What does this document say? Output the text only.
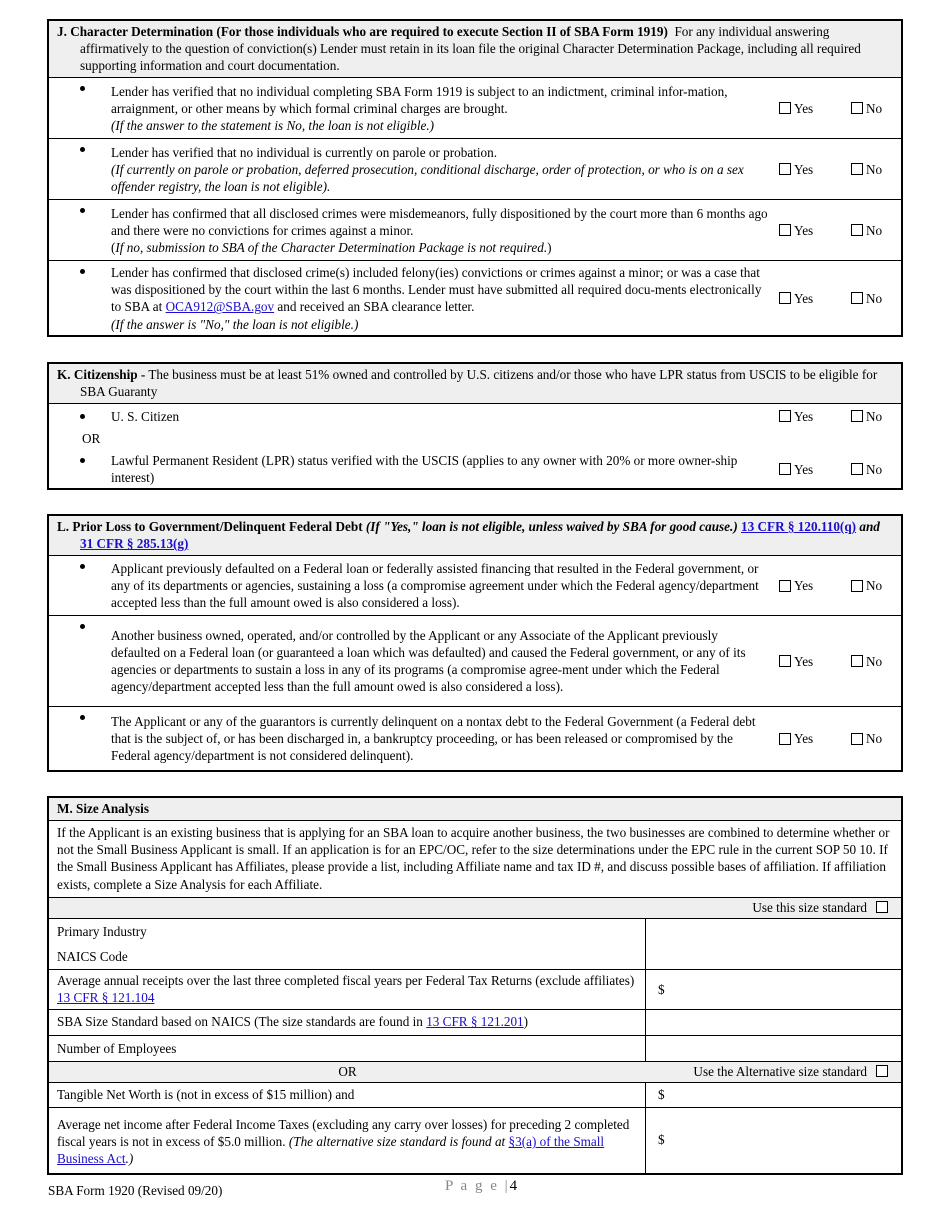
J. Character Determination (For those individuals who are required to execute Section II of SBA Form 1919) For any individual answering affirmatively to the question of conviction(s) Lender must retain in its loan file the original Character Determination Package, including all required supporting information and court documentation.
Lender has verified that no individual completing SBA Form 1919 is subject to an indictment, criminal infor-mation, arraignment, or other means by which formal criminal charges are brought.
(If the answer to the statement is No, the loan is not eligible.)
Yes	No
Lender has verified that no individual is currently on parole or probation.
(If currently on parole or probation, deferred prosecution, conditional discharge, order of protection, or who is on a sex offender registry, the loan is not eligible).
Yes	No
Lender has confirmed that all disclosed crimes were misdemeanors, fully dispositioned by the court more than 6 months ago and there were no convictions for crimes against a minor.
(If no, submission to SBA of the Character Determination Package is not required.)
Yes	No
Lender has confirmed that disclosed crime(s) included felony(ies) convictions or crimes against a minor; or was a case that was dispositioned by the court within the last 6 months. Lender must have submitted all required docu-ments electronically to SBA at OCA912@SBA.gov and received an SBA clearance letter.
(If the answer is "No," the loan is not eligible.)
Yes	No
K. Citizenship - The business must be at least 51% owned and controlled by U.S. citizens and/or those who have LPR status from USCIS to be eligible for SBA Guaranty
U. S. Citizen	Yes	No
OR
Lawful Permanent Resident (LPR) status verified with the USCIS (applies to any owner with 20% or more owner-ship interest)
Yes	No
L. Prior Loss to Government/Delinquent Federal Debt (If "Yes," loan is not eligible, unless waived by SBA for good cause.) 13 CFR § 120.110(q) and 31 CFR § 285.13(g)
Applicant previously defaulted on a Federal loan or federally assisted financing that resulted in the Federal government, or any of its departments or agencies, sustaining a loss (a compromise agreement under which the Federal agency/department accepted less than the full amount owed is also considered a loss).
Yes	No
Another business owned, operated, and/or controlled by the Applicant or any Associate of the Applicant previously defaulted on a Federal loan (or guaranteed a loan which was defaulted) and caused the Federal government, or any of its agencies or departments to sustain a loss in any of its programs (a compromise agree-ment under which the Federal agency/department accepted less than the full amount owed is also considered a loss).
Yes	No
The Applicant or any of the guarantors is currently delinquent on a nontax debt to the Federal Government (a Federal debt that is the subject of, or has been discharged in, a bankruptcy proceeding, or has been released or compromised by the Federal agency/department is not considered delinquent).
Yes	No
M. Size Analysis
If the Applicant is an existing business that is applying for an SBA loan to acquire another business, the two businesses are combined to determine whether or not the Small Business Applicant is small. If an application is for an EPC/OC, refer to the size determinations under the EPC rule in the current SOP 50 10. If the Small Business Applicant has Affiliates, please provide a list, including Affiliate name and tax ID #, and discuss possible bases of affiliation. If affiliation exists, complete a Size Analysis for each Affiliate.
Use this size standard
Primary Industry
NAICS Code
Average annual receipts over the last three completed fiscal years per Federal Tax Returns (exclude affiliates) 13 CFR § 121.104
$
SBA Size Standard based on NAICS (The size standards are found in 13 CFR § 121.201)
Number of Employees
OR	Use the Alternative size standard
Tangible Net Worth is (not in excess of $15 million) and	$
Average net income after Federal Income Taxes (excluding any carry over losses) for preceding 2 completed fiscal years is not in excess of $5.0 million. (The alternative size standard is found at §3(a) of the Small Business Act.)
$
SBA Form 1920 (Revised 09/20)	P a g e |4
